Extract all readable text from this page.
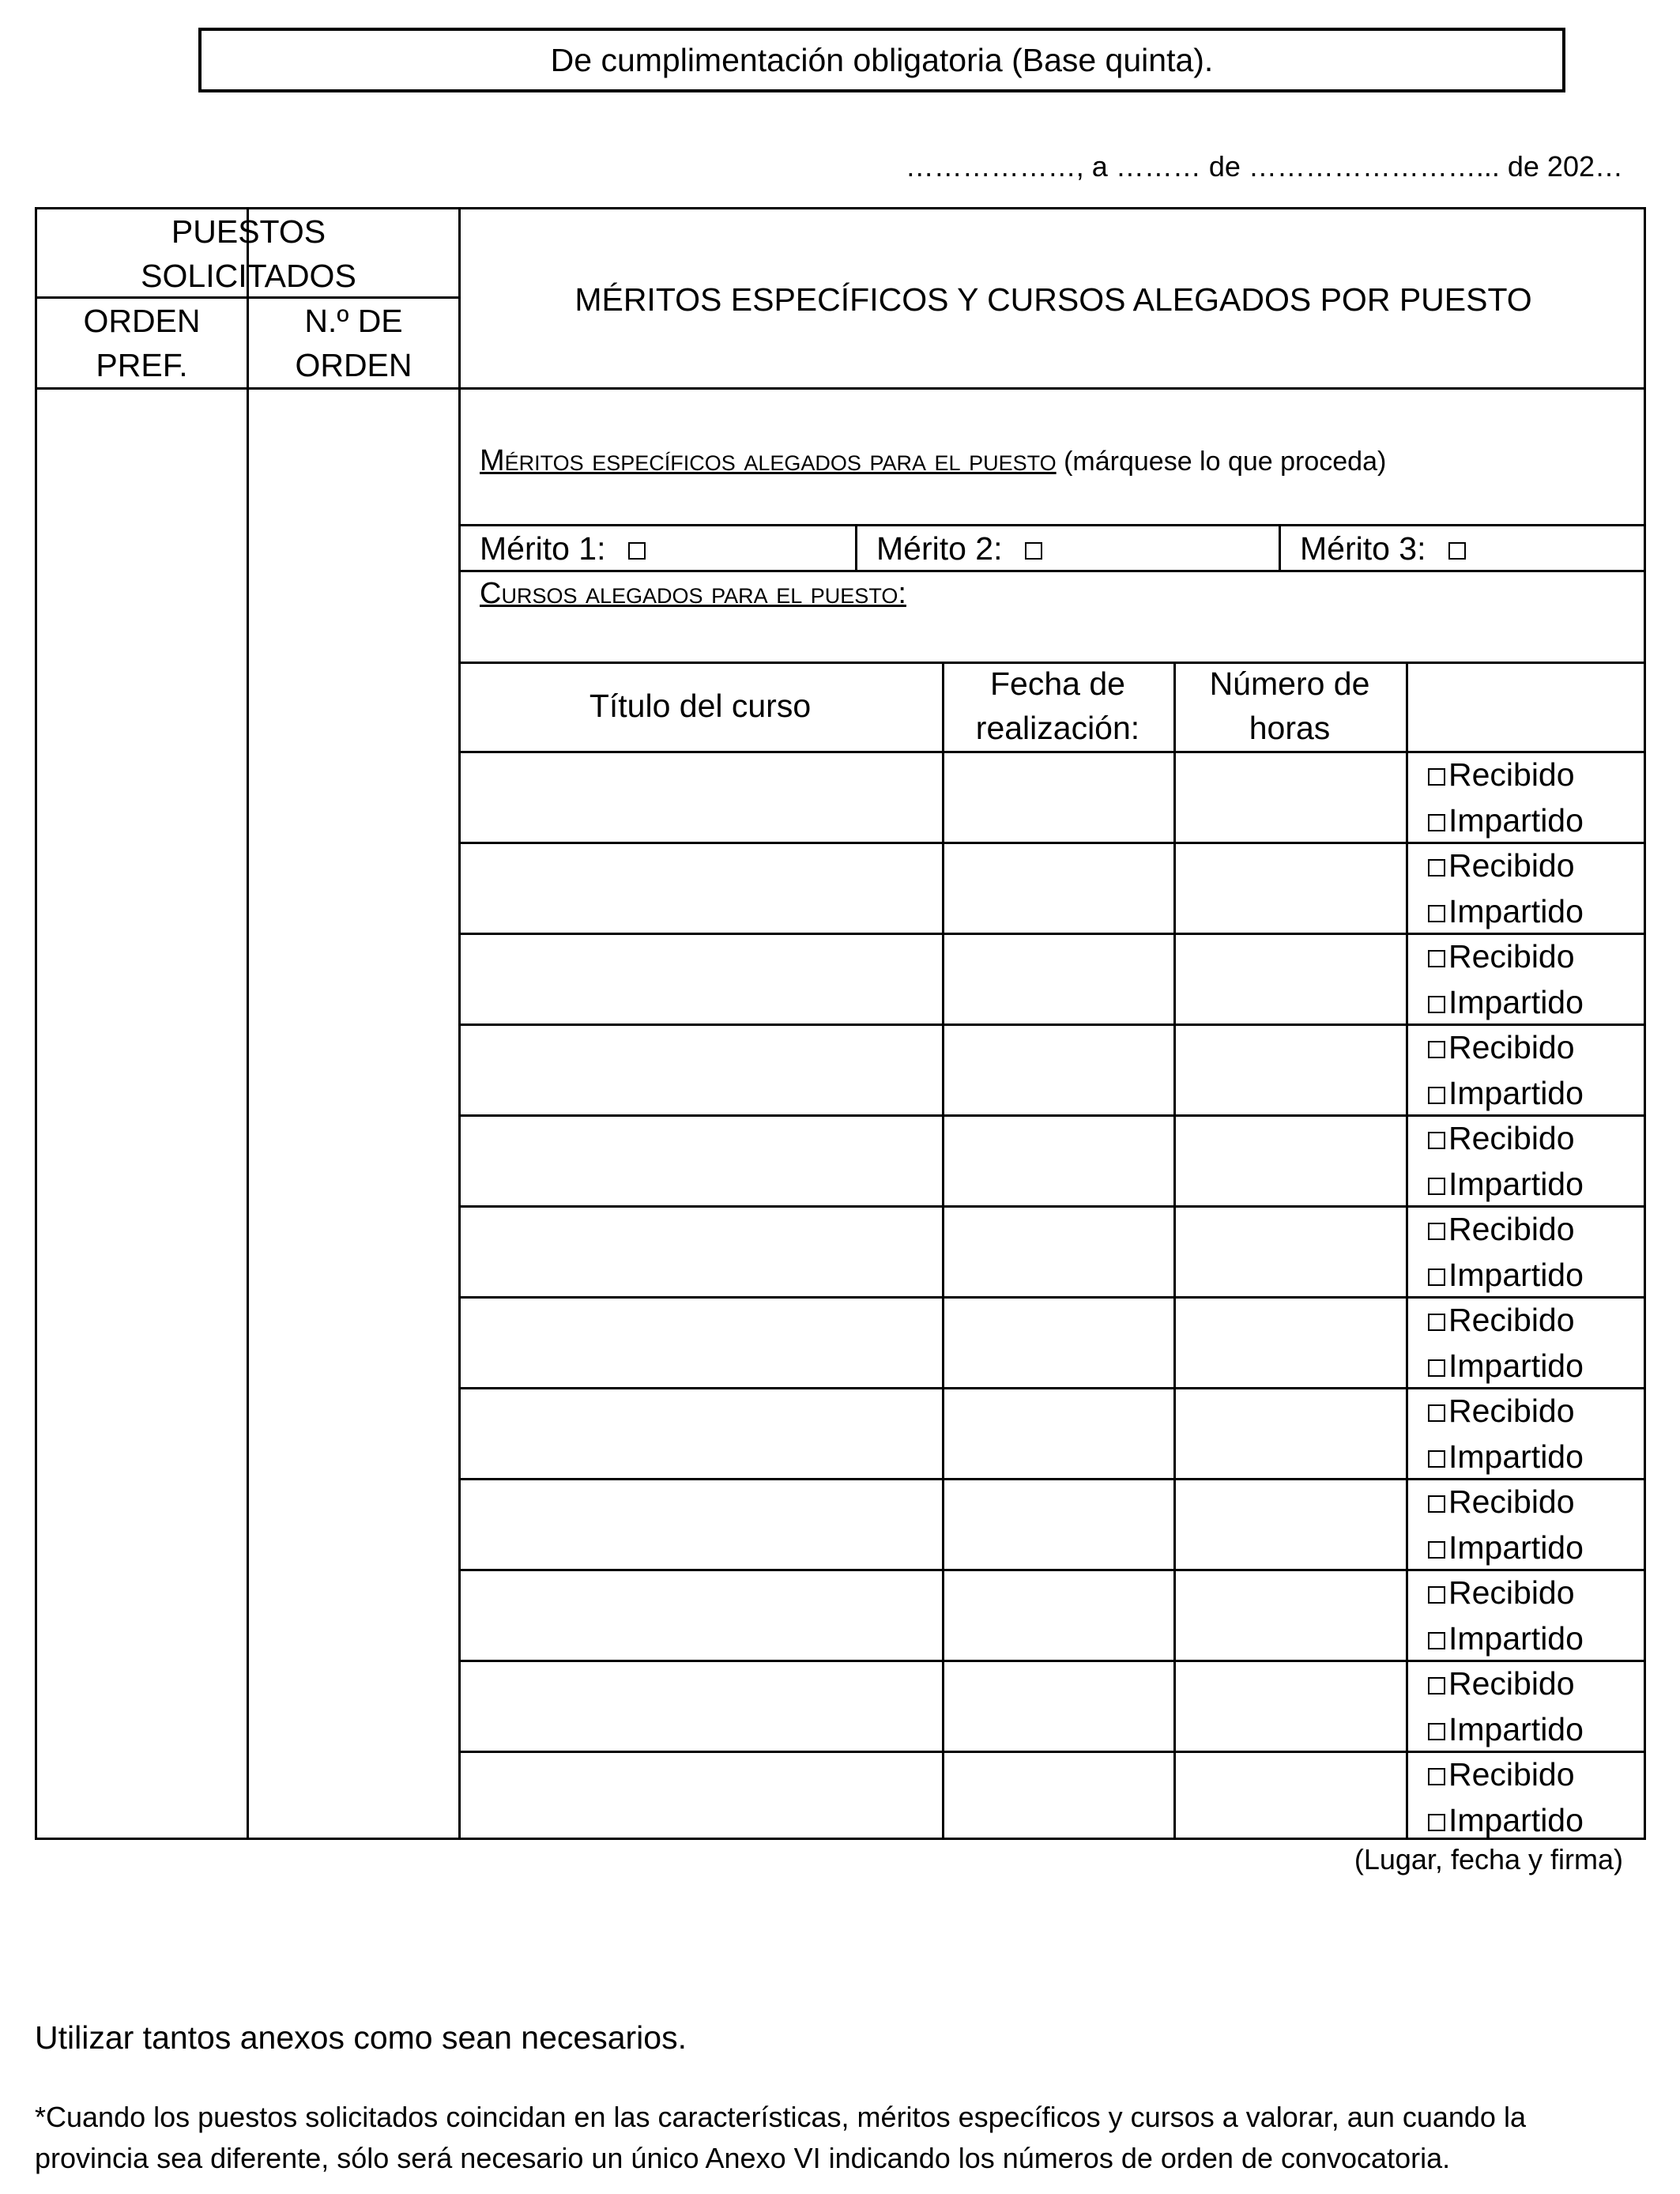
De cumplimentación obligatoria (Base quinta).
………………, a ……… de ……………………... de 202…
Título del curso
Fecha de realización:
Número de horas
Recibido
Impartido
Recibido
Impartido
Recibido
Impartido
Recibido
Impartido
Recibido
Impartido
Recibido
Impartido
Recibido
Impartido
Recibido
Impartido
Recibido
Impartido
Recibido
Impartido
Recibido
Impartido
Recibido
Impartido
PUESTOS SOLICITADOS
ORDEN PREF.
N.º DE ORDEN
MÉRITOS ESPECÍFICOS Y CURSOS ALEGADOS POR PUESTO
Méritos específicos alegados para el puesto (márquese lo que proceda)
Mérito 1:	Mérito 2:	Mérito 3:
Cursos alegados para el puesto:
(Lugar, fecha y firma)
Utilizar tantos anexos como sean necesarios.
*Cuando los puestos solicitados coincidan en las características, méritos específicos y cursos a valorar, aun cuando la provincia sea diferente, sólo será necesario un único Anexo VI indicando los números de orden de convocatoria.
